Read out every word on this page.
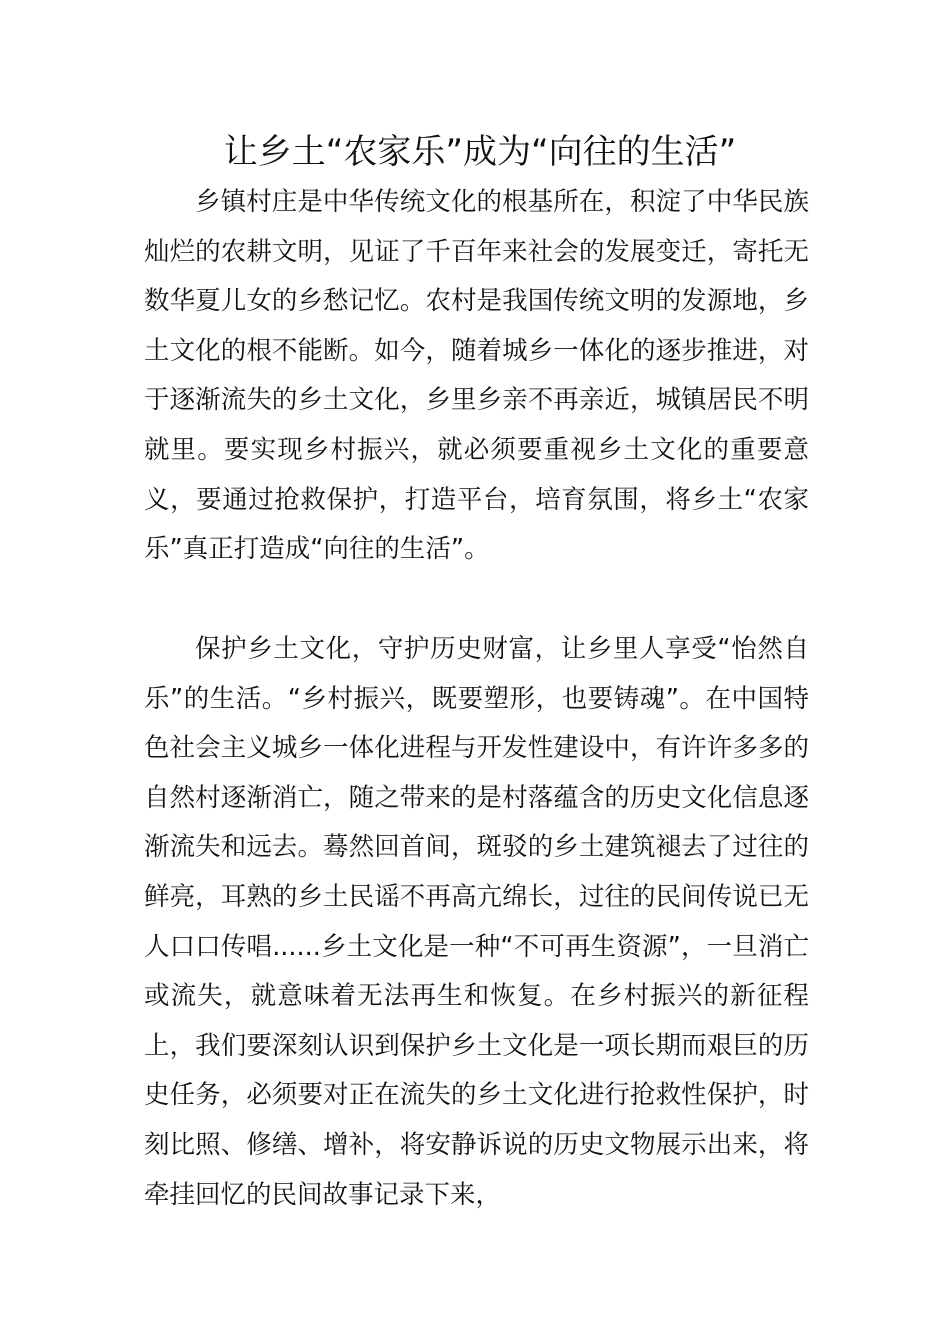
让乡土“农家乐”成为“向往的生活”

乡镇村庄是中华传统文化的根基所在，积淀了中华民族灿烂的农耕文明，见证了千百年来社会的发展变迁，寄托无数华夏儿女的乡愁记忆。农村是我国传统文明的发源地，乡土文化的根不能断。如今，随着城乡一体化的逐步推进，对于逐渐流失的乡土文化，乡里乡亲不再亲近，城镇居民不明就里。要实现乡村振兴，就必须要重视乡土文化的重要意义，要通过抢救保护，打造平台，培育氛围，将乡土“农家乐”真正打造成“向往的生活”。

保护乡土文化，守护历史财富，让乡里人享受“怡然自乐”的生活。“乡村振兴，既要塑形，也要铸魂”。在中国特色社会主义城乡一体化进程与开发性建设中，有许许多多的自然村逐渐消亡，随之带来的是村落蕴含的历史文化信息逐渐流失和远去。蓦然回首间，斑驳的乡土建筑褪去了过往的鲜亮，耳熟的乡土民谣不再高亢绵长，过往的民间传说已无人口口传唱......乡土文化是一种“不可再生资源”，一旦消亡或流失，就意味着无法再生和恢复。在乡村振兴的新征程上，我们要深刻认识到保护乡土文化是一项长期而艰巨的历史任务，必须要对正在流失的乡土文化进行抢救性保护，时刻比照、修缮、增补，将安静诉说的历史文物展示出来，将牵挂回忆的民间故事记录下来，
